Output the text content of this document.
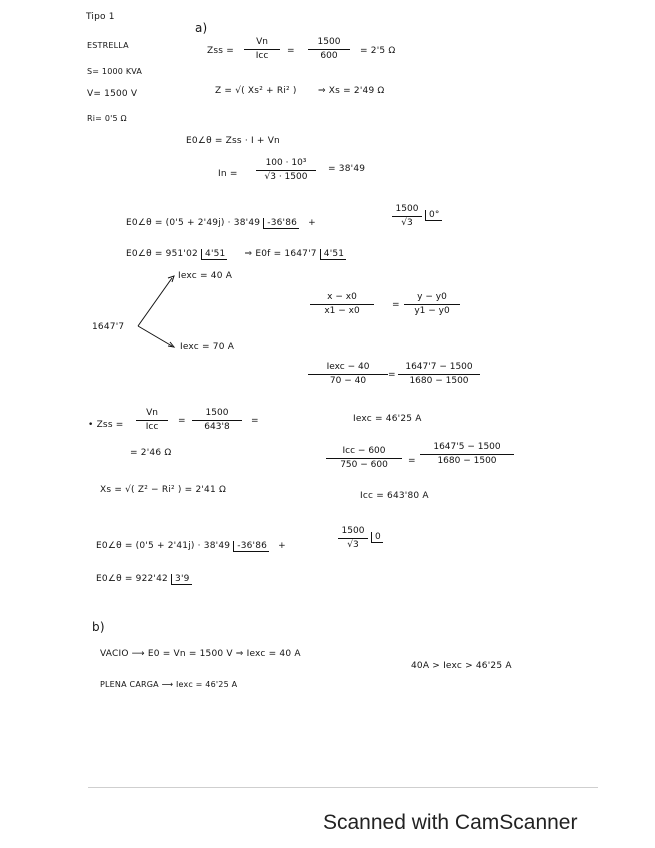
Tipo 1
a)
ESTRELLA
S= 1000 KVA
V= 1500 V
Ri= 0'5 Ω
Zss =
Vn
Icc	=
1500
600	= 2'5 Ω
Z = √( Xs² + Ri² ) ⇒ Xs = 2'49 Ω
E0∠θ = Zss · I + Vn
In =
100 · 10³
√3 · 1500
= 38'49
E0∠θ = (0'5 + 2'49j) · 38'49 -36'86 +
1500
√3
0°
E0∠θ = 951'02 4'51 ⇒ E0f = 1647'7 4'51
1647'7
Iexc = 40 A
Iexc = 70 A
x − x0
x1 − x0
=
y − y0
y1 − y0
Iexc − 40
70 − 40
=
1647'7 − 1500
1680 − 1500
Iexc = 46'25 A
• Zss =
Vn
Icc
=
1500
643'8
=
Icc − 600
750 − 600	=
1647'5 − 1500
1680 − 1500
Icc = 643'80 A
= 2'46 Ω
Xs = √( Z² − Ri² ) = 2'41 Ω
E0∠θ = (0'5 + 2'41j) · 38'49 -36'86 +
1500
√3
0
E0∠θ = 922'42 3'9
b)
VACIO ⟶ E0 = Vn = 1500 V ⇒ Iexc = 40 A
40A > Iexc > 46'25 A
PLENA CARGA ⟶ Iexc = 46'25 A
Scanned with CamScanner
